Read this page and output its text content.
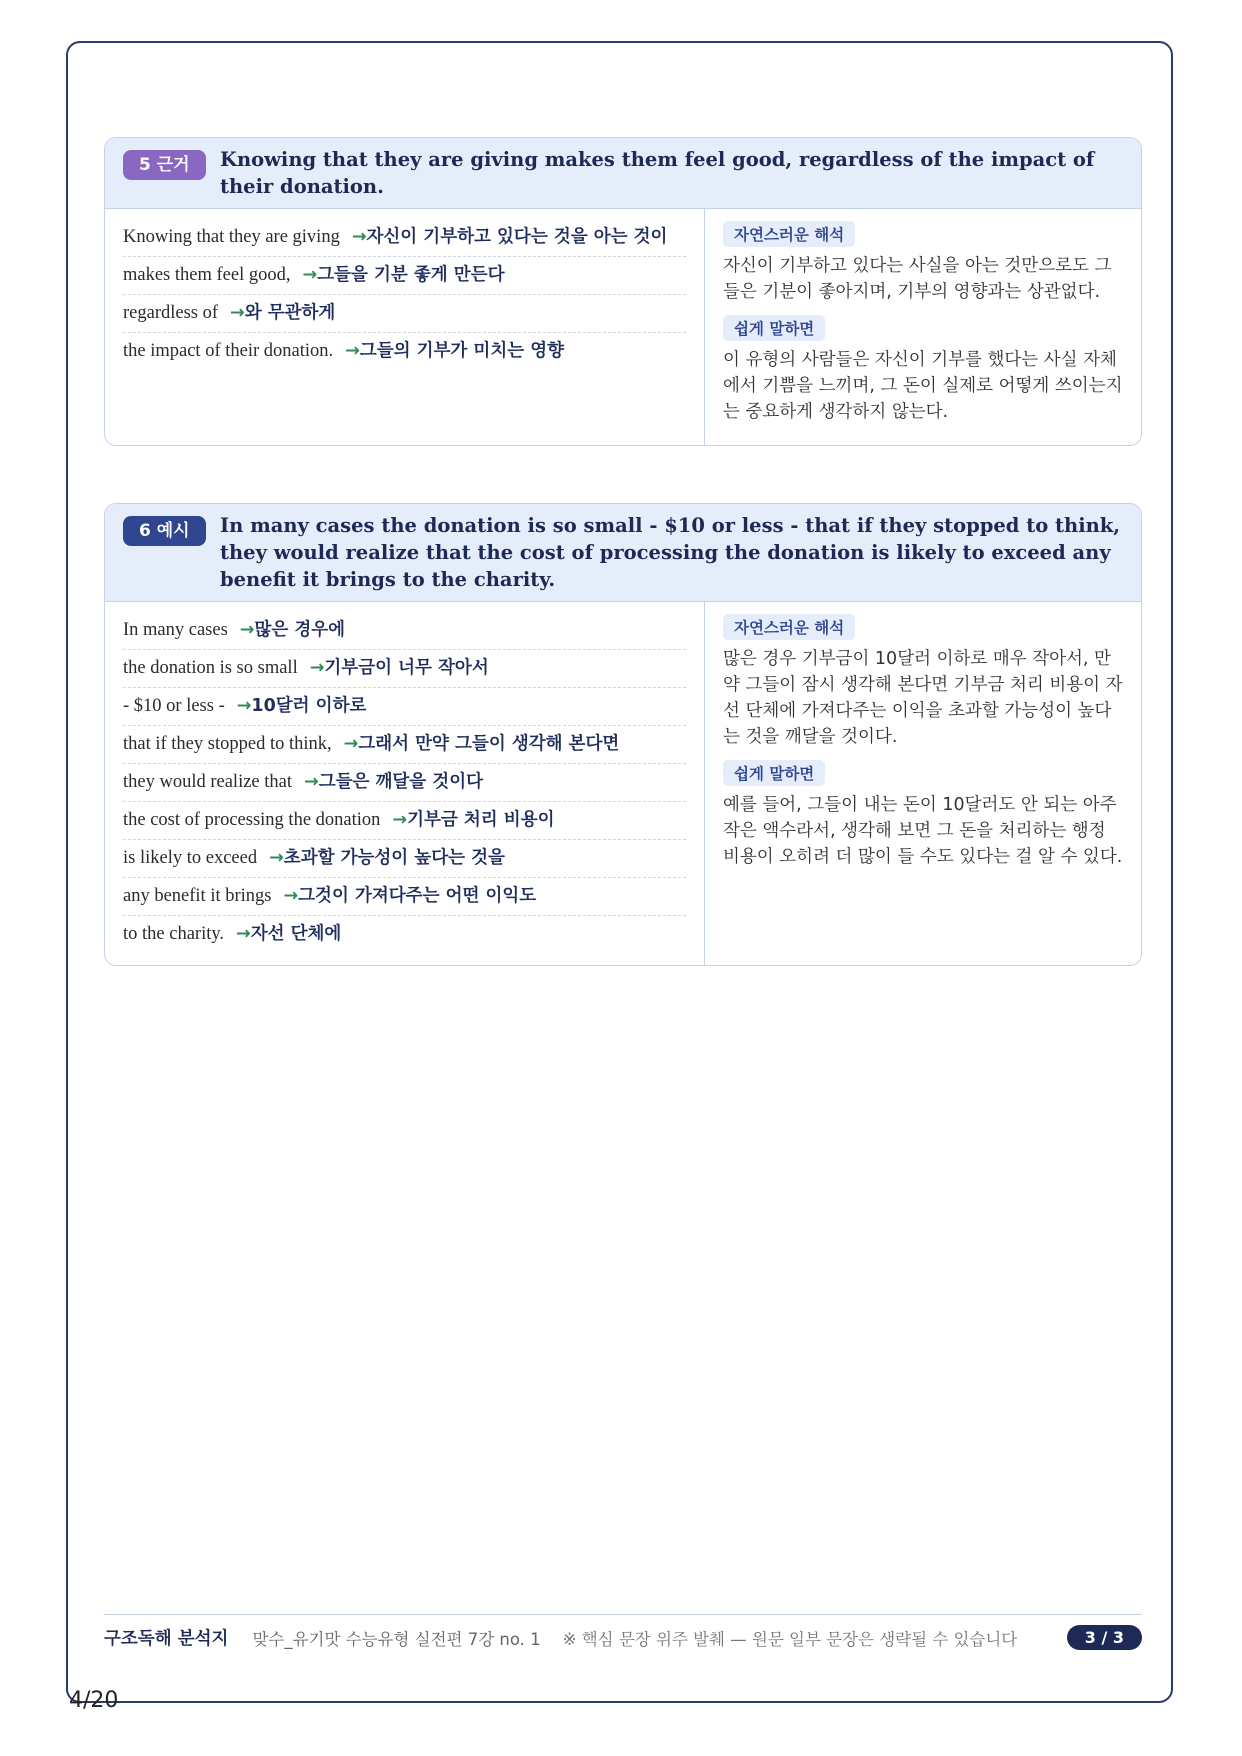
5 근거	Knowing that they are giving makes them feel good, regardless of the impact of their donation.
Knowing that they are giving →자신이 기부하고 있다는 것을 아는 것이
makes them feel good, →그들을 기분 좋게 만든다
regardless of →와 무관하게
the impact of their donation. →그들의 기부가 미치는 영향
자연스러운 해석

자신이 기부하고 있다는 사실을 아는 것만으로도 그들은 기분이 좋아지며, 기부의 영향과는 상관없다.

쉽게 말하면

이 유형의 사람들은 자신이 기부를 했다는 사실 자체에서 기쁨을 느끼며, 그 돈이 실제로 어떻게 쓰이는지는 중요하게 생각하지 않는다.

6 예시	In many cases the donation is so small - $10 or less - that if they stopped to think, they would realize that the cost of processing the donation is likely to exceed any benefit it brings to the charity.
In many cases →많은 경우에
the donation is so small →기부금이 너무 작아서
- $10 or less - →10달러 이하로
that if they stopped to think, →그래서 만약 그들이 생각해 본다면
they would realize that →그들은 깨달을 것이다
the cost of processing the donation →기부금 처리 비용이
is likely to exceed →초과할 가능성이 높다는 것을
any benefit it brings →그것이 가져다주는 어떤 이익도
to the charity. →자선 단체에
자연스러운 해석

많은 경우 기부금이 10달러 이하로 매우 작아서, 만약 그들이 잠시 생각해 본다면 기부금 처리 비용이 자선 단체에 가져다주는 이익을 초과할 가능성이 높다는 것을 깨달을 것이다.

쉽게 말하면

예를 들어, 그들이 내는 돈이 10달러도 안 되는 아주 작은 액수라서, 생각해 보면 그 돈을 처리하는 행정 비용이 오히려 더 많이 들 수도 있다는 걸 알 수 있다.

구조독해 분석지 맞수_유기맛 수능유형 실전편 7강 no. 1 ※ 핵심 문장 위주 발췌 — 원문 일부 문장은 생략될 수 있습니다	3 / 3
4/20
